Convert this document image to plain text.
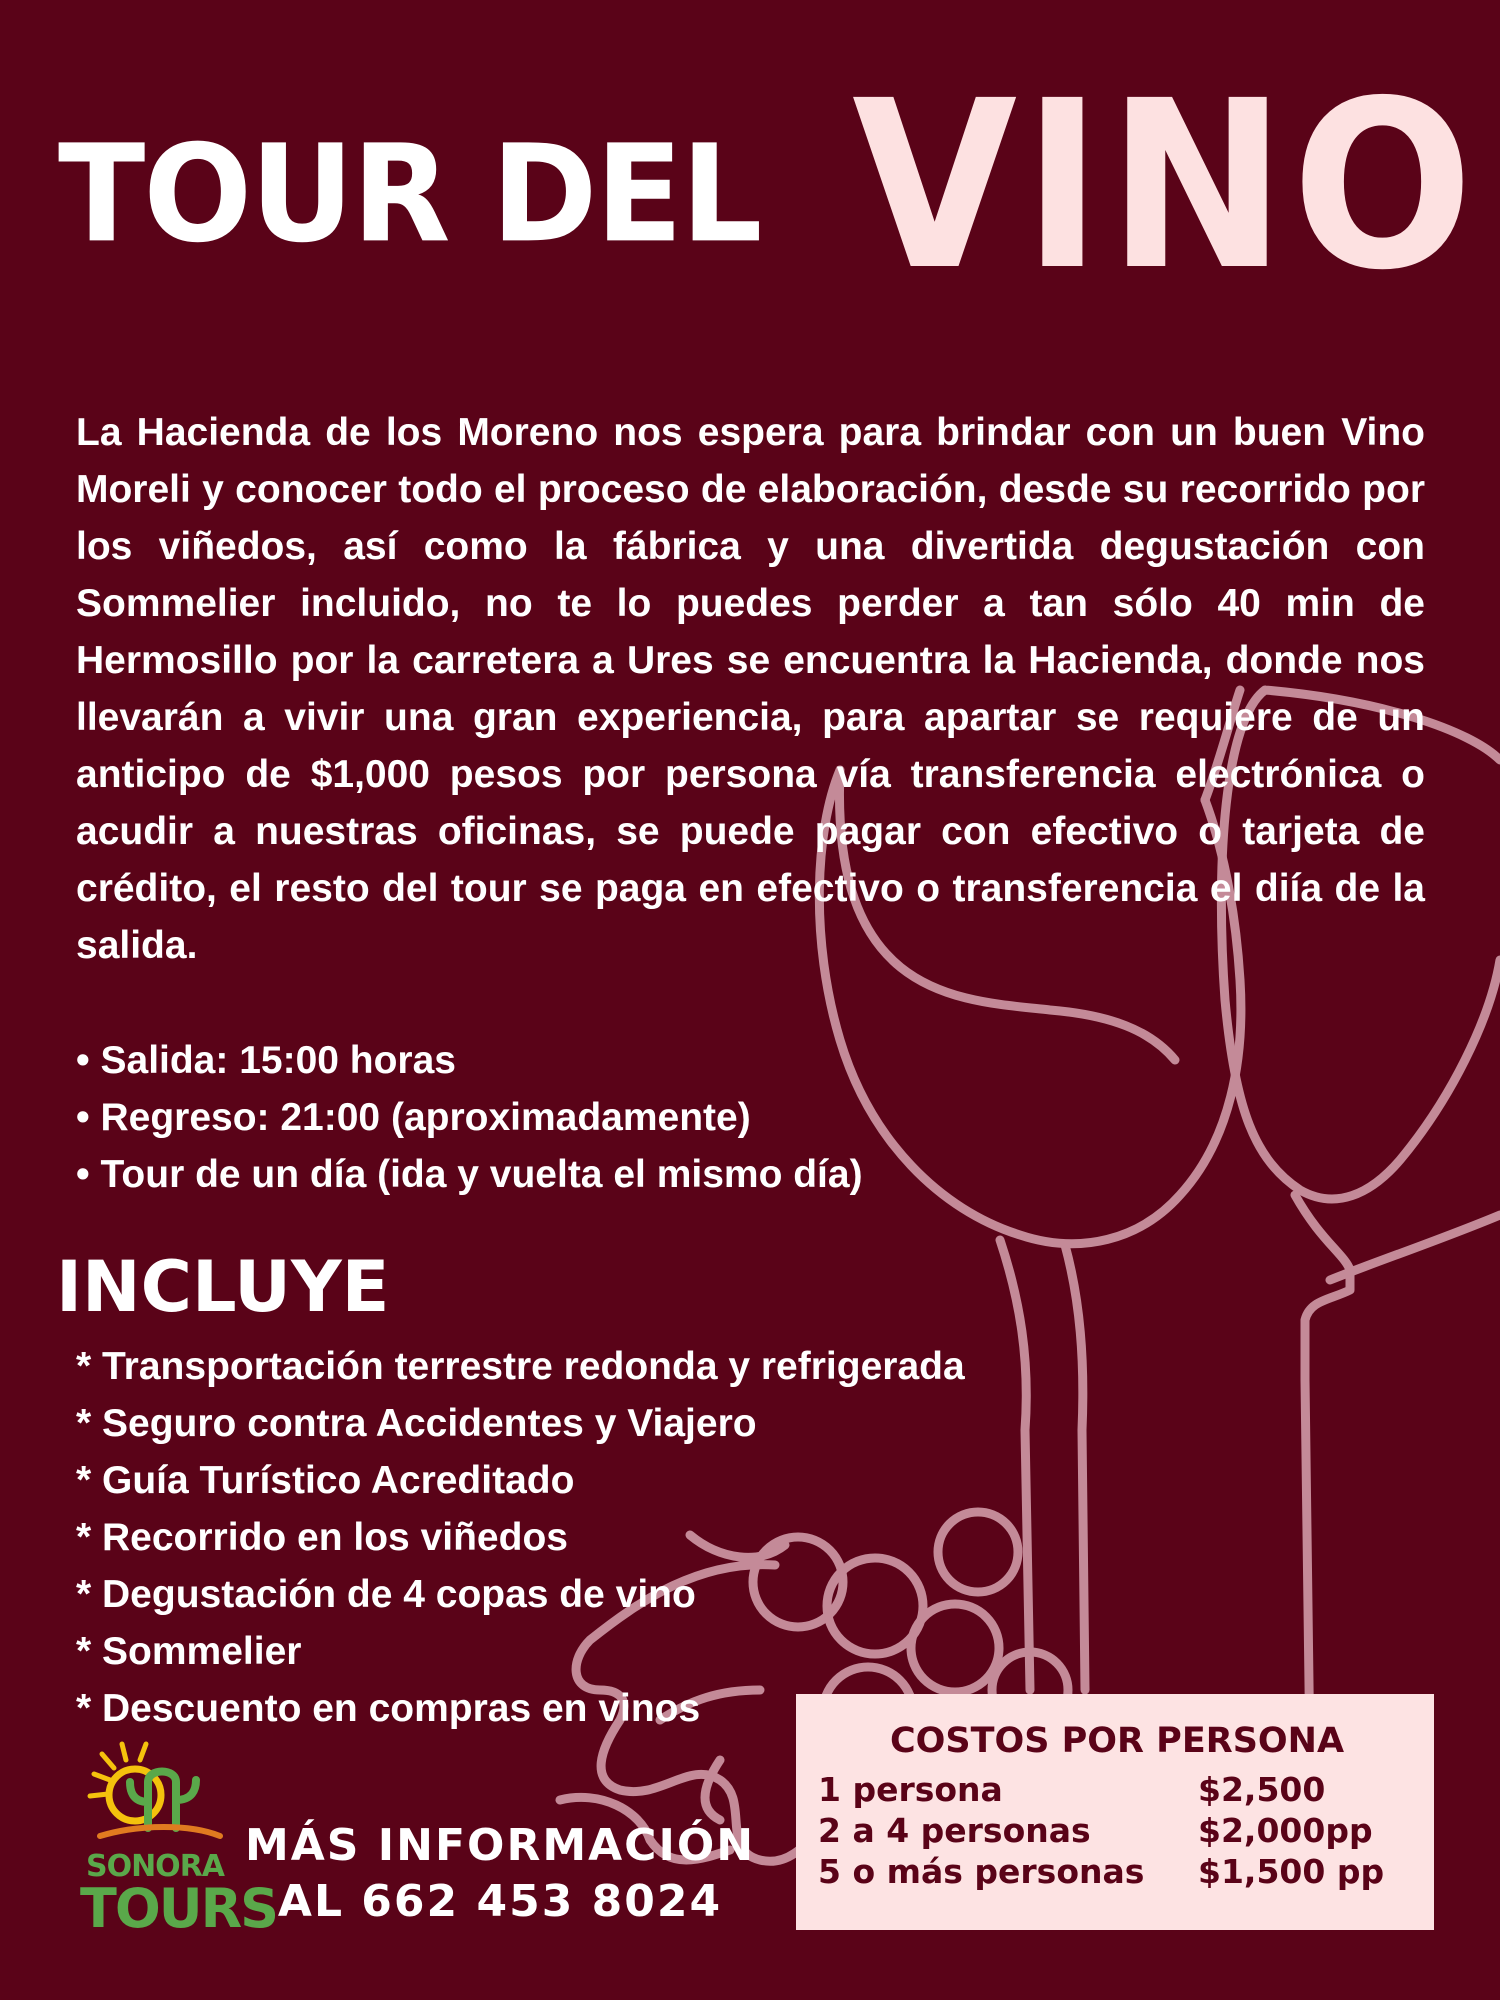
TOUR DEL VINO
La Hacienda de los Moreno nos espera para brindar con un buen Vino Moreli y conocer todo el proceso de elaboración, desde su recorrido por los viñedos, así como la fábrica y una divertida degustación con Sommelier incluido, no te lo puedes perder a tan sólo 40 min de Hermosillo por la carretera a Ures se encuentra la Hacienda, donde nos llevarán a vivir una gran experiencia, para apartar se requiere de un anticipo de $1,000 pesos por persona vía transferencia electrónica o acudir a nuestras oficinas, se puede pagar con efectivo o tarjeta de crédito, el resto del tour se paga en efectivo o transferencia el diía de la salida.
• Salida: 15:00 horas
• Regreso: 21:00 (aproximadamente)
• Tour de un día (ida y vuelta el mismo día)
INCLUYE
* Transportación terrestre redonda y refrigerada
* Seguro contra Accidentes y Viajero
* Guía Turístico Acreditado
* Recorrido en los viñedos
* Degustación de 4 copas de vino
* Sommelier
* Descuento en compras en vinos
SONORA
TOURS
MÁS INFORMACIÓN
AL 662 453 8024
COSTOS POR PERSONA
1 persona	$2,500
2 a 4 personas	$2,000pp
5 o más personas	$1,500 pp
